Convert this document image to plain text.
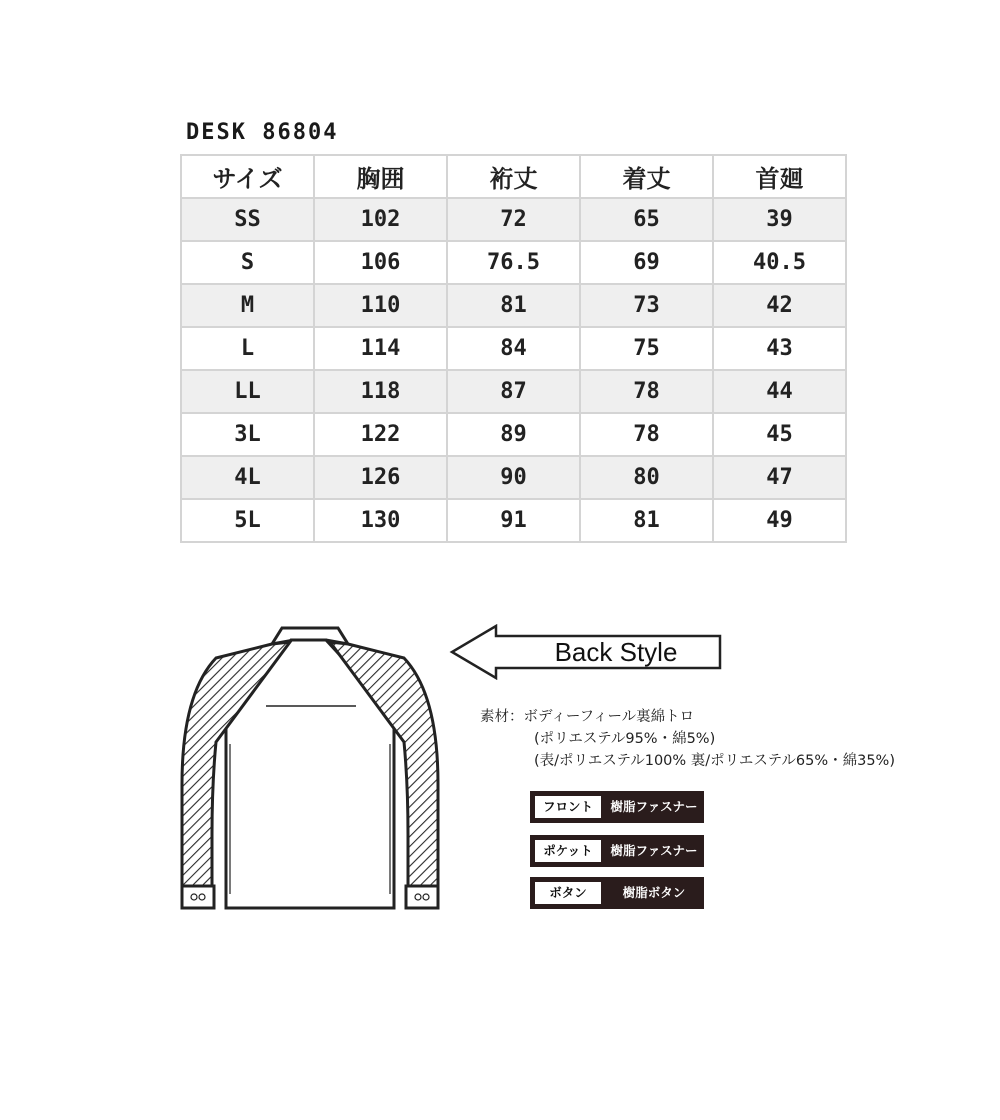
DESK 86804
サイズ	胸囲	裄丈	着丈	首廻
SS	102	72	65	39
S	106	76.5	69	40.5
M	110	81	73	42
L	114	84	75	43
LL	118	87	78	44
3L	122	89	78	45
4L	126	90	80	47
5L	130	91	81	49
Back Style
素材：ボディーフィール裏綿トロ
(ポリエステル95%・綿5%)
(表/ポリエステル100% 裏/ポリエステル65%・綿35%)
フロント	樹脂ファスナー
ポケット	樹脂ファスナー
ボタン	樹脂ボタン
